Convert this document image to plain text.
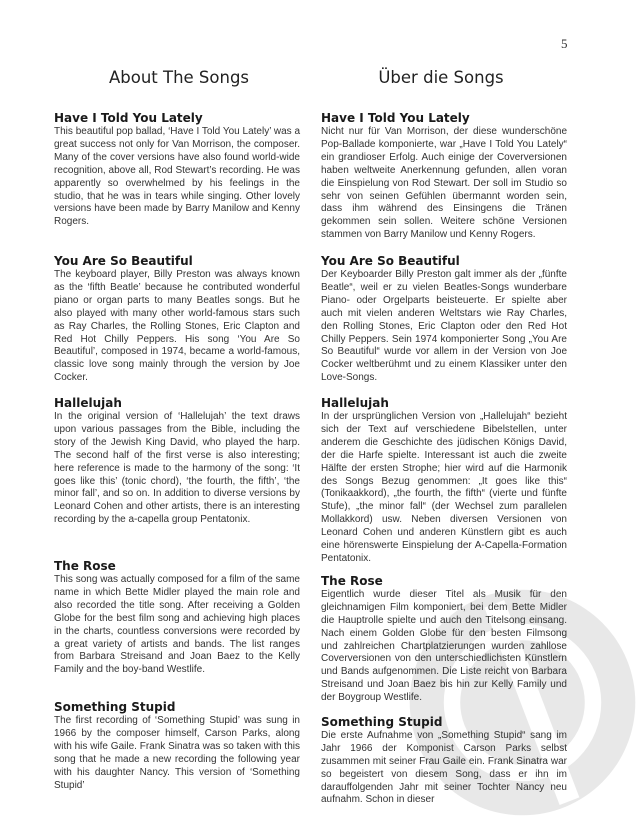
5
About The Songs	Über die Songs
Have I Told You Lately

This beautiful pop ballad, ‘Have I Told You Lately’ was a great success not only for Van Morrison, the composer. Many of the cover versions have also found world-wide recognition, above all, Rod Stewart’s recording. He was apparently so overwhelmed by his feelings in the studio, that he was in tears while singing. Other lovely versions have been made by Barry Manilow and Kenny Rogers.

You Are So Beautiful

The keyboard player, Billy Preston was always known as the ‘fifth Beatle’ because he contributed wonderful piano or organ parts to many Beatles songs. But he also played with many other world-famous stars such as Ray Charles, the Rolling Stones, Eric Clapton and Red Hot Chilly Peppers. His song ‘You Are So Beautiful’, composed in 1974, became a world-famous, classic love song mainly through the version by Joe Cocker.

Hallelujah

In the original version of ‘Hallelujah’ the text draws upon various passages from the Bible, including the story of the Jewish King David, who played the harp. The second half of the first verse is also interesting; here reference is made to the harmony of the song: ‘It goes like this’ (tonic chord), ‘the fourth, the fifth’, ‘the minor fall’, and so on. In addition to diverse versions by Leonard Cohen and other artists, there is an interesting recording by the a-capella group Pentatonix.

The Rose

This song was actually composed for a film of the same name in which Bette Midler played the main role and also recorded the title song. After receiving a Golden Globe for the best film song and achieving high places in the charts, countless conversions were recorded by a great variety of artists and bands. The list ranges from Barbara Streisand and Joan Baez to the Kelly Family and the boy-band Westlife.

Something Stupid

The first recording of ‘Something Stupid’ was sung in 1966 by the composer himself, Carson Parks, along with his wife Gaile. Frank Sinatra was so taken with this song that he made a new recording the following year with his daughter Nancy. This version of ‘Something Stupid’

Have I Told You Lately

Nicht nur für Van Morrison, der diese wunderschöne Pop-Ballade komponierte, war „Have I Told You Lately“ ein grandioser Erfolg. Auch einige der Coverversionen haben weltweite Anerkennung gefunden, allen voran die Einspielung von Rod Stewart. Der soll im Studio so sehr von seinen Gefühlen übermannt worden sein, dass ihm während des Einsingens die Tränen gekommen sein sollen. Weitere schöne Versionen stammen von Barry Manilow und Kenny Rogers.

You Are So Beautiful

Der Keyboarder Billy Preston galt immer als der „fünfte Beatle“, weil er zu vielen Beatles-Songs wunderbare Piano- oder Orgelparts beisteuerte. Er spielte aber auch mit vielen anderen Weltstars wie Ray Charles, den Rolling Stones, Eric Clapton oder den Red Hot Chilly Peppers. Sein 1974 komponierter Song „You Are So Beautiful“ wurde vor allem in der Version von Joe Cocker weltberühmt und zu einem Klassiker unter den Love-Songs.

Hallelujah

In der ursprünglichen Version von „Hallelujah“ bezieht sich der Text auf verschiedene Bibelstellen, unter anderem die Geschichte des jüdischen Königs David, der die Harfe spielte. Interessant ist auch die zweite Hälfte der ersten Strophe; hier wird auf die Harmonik des Songs Bezug genommen: „It goes like this“ (Tonikaakkord), „the fourth, the fifth“ (vierte und fünfte Stufe), „the minor fall“ (der Wechsel zum parallelen Mollakkord) usw. Neben diversen Versionen von Leonard Cohen und anderen Künstlern gibt es auch eine hörenswerte Einspielung der A-Capella-Formation Pentatonix.

The Rose

Eigentlich wurde dieser Titel als Musik für den gleichnamigen Film komponiert, bei dem Bette Midler die Hauptrolle spielte und auch den Titelsong einsang. Nach einem Golden Globe für den besten Filmsong und zahlreichen Chartplatzierungen wurden zahllose Coverversionen von den unterschiedlichsten Künstlern und Bands aufgenommen. Die Liste reicht von Barbara Streisand und Joan Baez bis hin zur Kelly Family und der Boygroup Westlife.

Something Stupid

Die erste Aufnahme von „Something Stupid“ sang im Jahr 1966 der Komponist Carson Parks selbst zusammen mit seiner Frau Gaile ein. Frank Sinatra war so begeistert von diesem Song, dass er ihn im darauffolgenden Jahr mit seiner Tochter Nancy neu aufnahm. Schon in dieser
